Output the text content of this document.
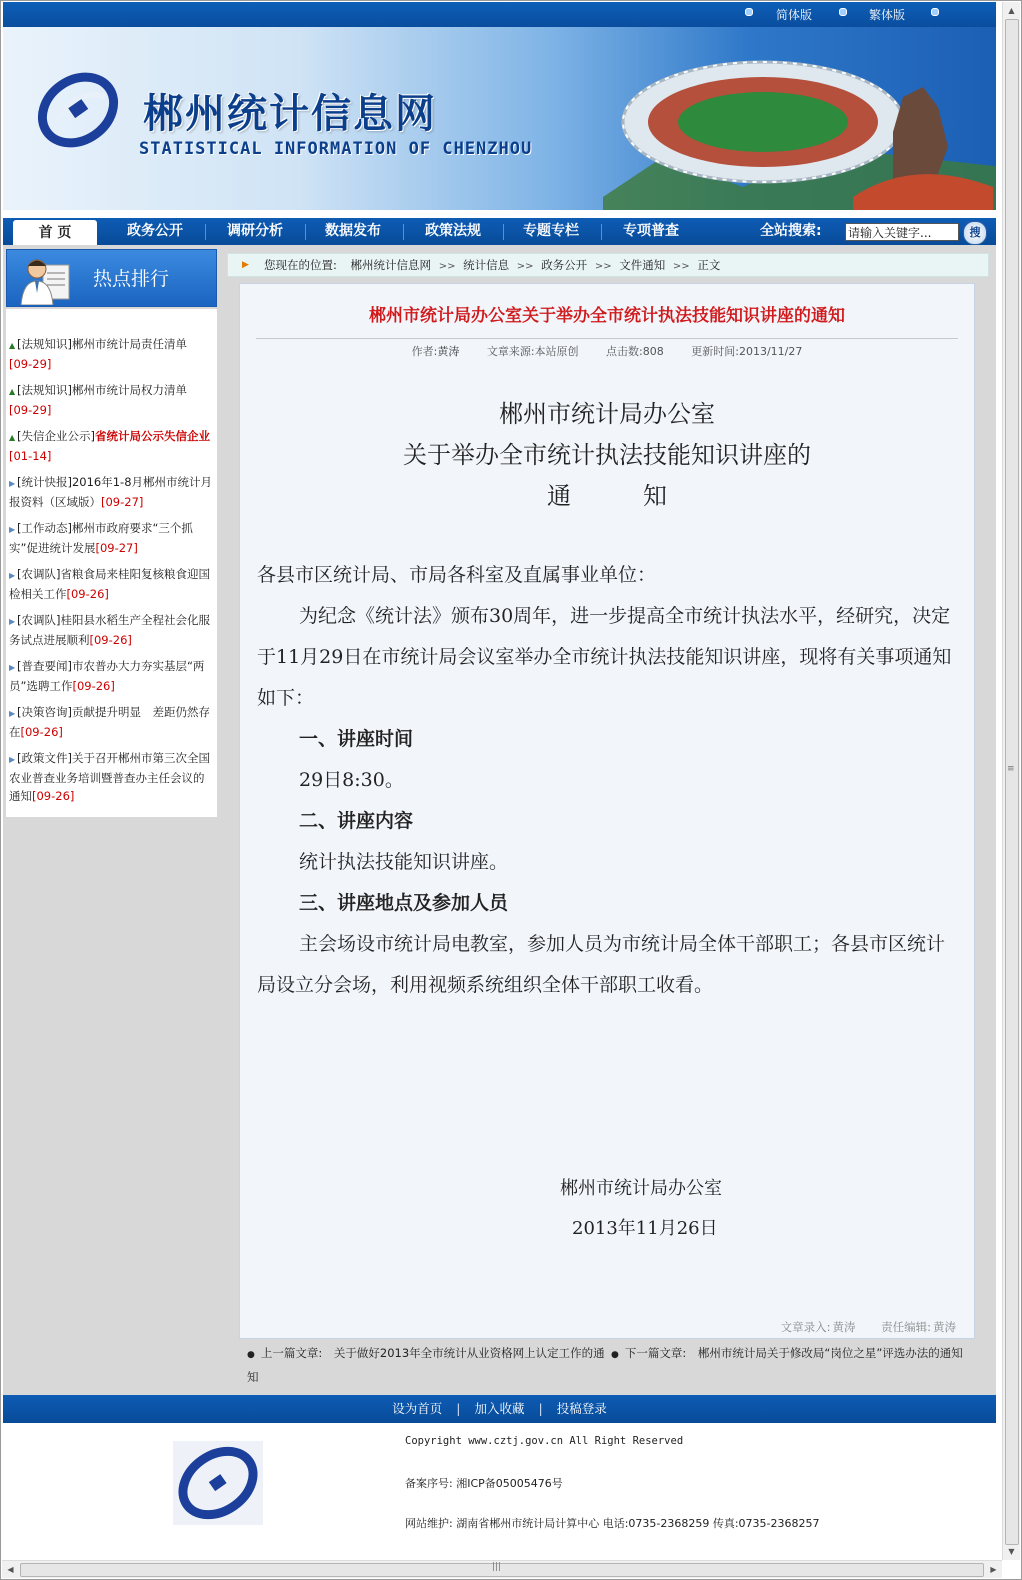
简体版	繁体版
郴州统计信息网
STATISTICAL INFORMATION OF CHENZHOU
首 页	政务公开	调研分析	数据发布	政策法规	专题专栏	专项普查	全站搜索:
请输入关键字...	搜
热点排行
▲ [法规知识]郴州市统计局责任清单
[09-29]
▲ [法规知识]郴州市统计局权力清单
[09-29]
▲ [失信企业公示]省统计局公示失信企业[01-14]
▶ [统计快报]2016年1-8月郴州市统计月报资料（区域版）[09-27]
▶ [工作动态]郴州市政府要求“三个抓实”促进统计发展[09-27]
▶ [农调队]省粮食局来桂阳复核粮食迎国检相关工作[09-26]
▶ [农调队]桂阳县水稻生产全程社会化服务试点进展顺利[09-26]
▶ [普查要闻]市农普办大力夯实基层“两员”选聘工作[09-26]
▶ [决策咨询]贡献提升明显　差距仍然存在[09-26]
▶ [政策文件]关于召开郴州市第三次全国农业普查业务培训暨普查办主任会议的通知[09-26]
▶ 您现在的位置: 郴州统计信息网 >> 统计信息 >> 政务公开 >> 文件通知 >> 正文
郴州市统计局办公室关于举办全市统计执法技能知识讲座的通知
作者:黄涛	文章来源:本站原创	点击数:808	更新时间:2013/11/27
郴州市统计局办公室
关于举办全市统计执法技能知识讲座的
通　　　知

各县市区统计局、市局各科室及直属事业单位：

为纪念《统计法》颁布30周年，进一步提高全市统计执法水平，经研究，决定于11月29日在市统计局会议室举办全市统计执法技能知识讲座，现将有关事项通知如下：

一、讲座时间

29日8:30。

二、讲座内容

统计执法技能知识讲座。

三、讲座地点及参加人员

主会场设市统计局电教室，参加人员为市统计局全体干部职工；各县市区统计局设立分会场，利用视频系统组织全体干部职工收看。

郴州市统计局办公室
2013年11月26日
文章录入: 黄涛 责任编辑: 黄涛
● 上一篇文章: 关于做好2013年全市统计从业资格网上认定工作的通知
● 下一篇文章: 郴州市统计局关于修改局“岗位之星”评选办法的通知
设为首页 | 加入收藏 | 投稿登录
Copyright www.cztj.gov.cn All Right Reserved
备案序号: 湘ICP备05005476号
网站维护: 湖南省郴州市统计局计算中心 电话:0735-2368259 传真:0735-2368257
▲
≡
▼
◀	|||	▶
